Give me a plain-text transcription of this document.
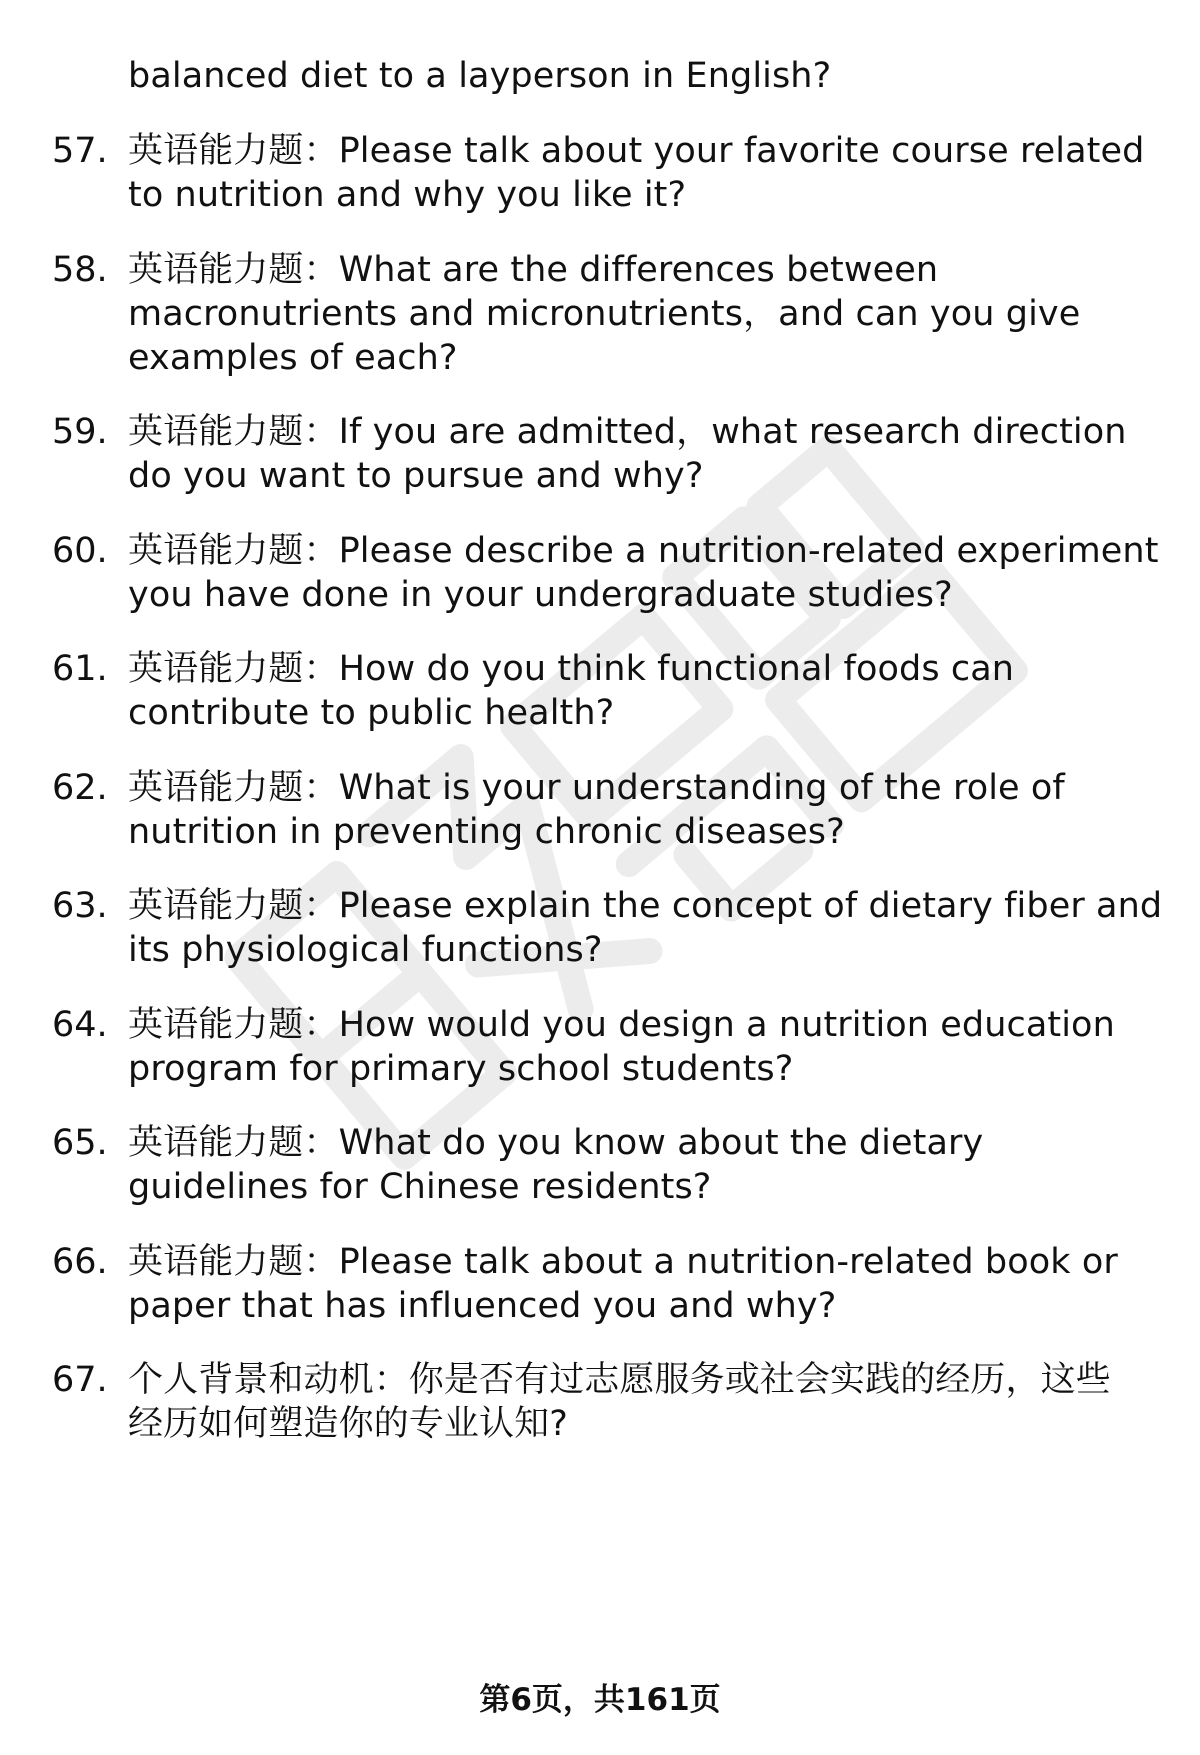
balanced diet to a layperson in English?
57. 英语能力题：Please talk about your favorite course related
to nutrition and why you like it?
58. 英语能力题：What are the differences between
macronutrients and micronutrients，and can you give
examples of each?
59. 英语能力题：If you are admitted，what research direction
do you want to pursue and why?
60. 英语能力题：Please describe a nutrition-related experiment
you have done in your undergraduate studies?
61. 英语能力题：How do you think functional foods can
contribute to public health?
62. 英语能力题：What is your understanding of the role of
nutrition in preventing chronic diseases?
63. 英语能力题：Please explain the concept of dietary fiber and
its physiological functions?
64. 英语能力题：How would you design a nutrition education
program for primary school students?
65. 英语能力题：What do you know about the dietary
guidelines for Chinese residents?
66. 英语能力题：Please talk about a nutrition-related book or
paper that has influenced you and why?
67. 个人背景和动机：你是否有过志愿服务或社会实践的经历，这些
经历如何塑造你的专业认知?
第6页，共161页
